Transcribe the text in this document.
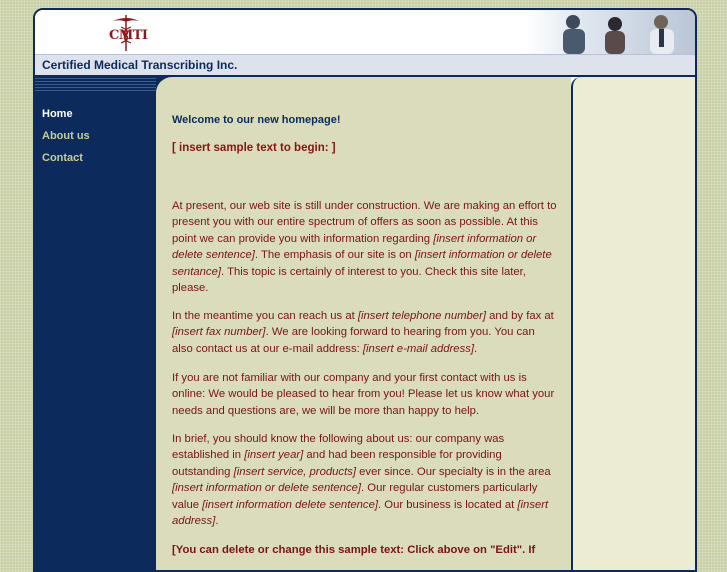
CMTI
Certified Medical Transcribing Inc.
Home
About us
Contact
Welcome to our new homepage!
[ insert sample text to begin: ]
At present, our web site is still under construction. We are making an effort to present you with our entire spectrum of offers as soon as possible. At this point we can provide you with information regarding [insert information or delete sentence]. The emphasis of our site is on [insert information or delete sentance]. This topic is certainly of interest to you. Check this site later, please.
In the meantime you can reach us at [insert telephone number] and by fax at [insert fax number]. We are looking forward to hearing from you. You can also contact us at our e-mail address: [insert e-mail address].
If you are not familiar with our company and your first contact with us is online: We would be pleased to hear from you! Please let us know what your needs and questions are, we will be more than happy to help.
In brief, you should know the following about us: our company was established in [insert year] and had been responsible for providing outstanding [insert service, products] ever since. Our specialty is in the area [insert information or delete sentence]. Our regular customers particularly value [insert information delete sentence]. Our business is located at [insert address].
[You can delete or change this sample text: Click above on "Edit". If
